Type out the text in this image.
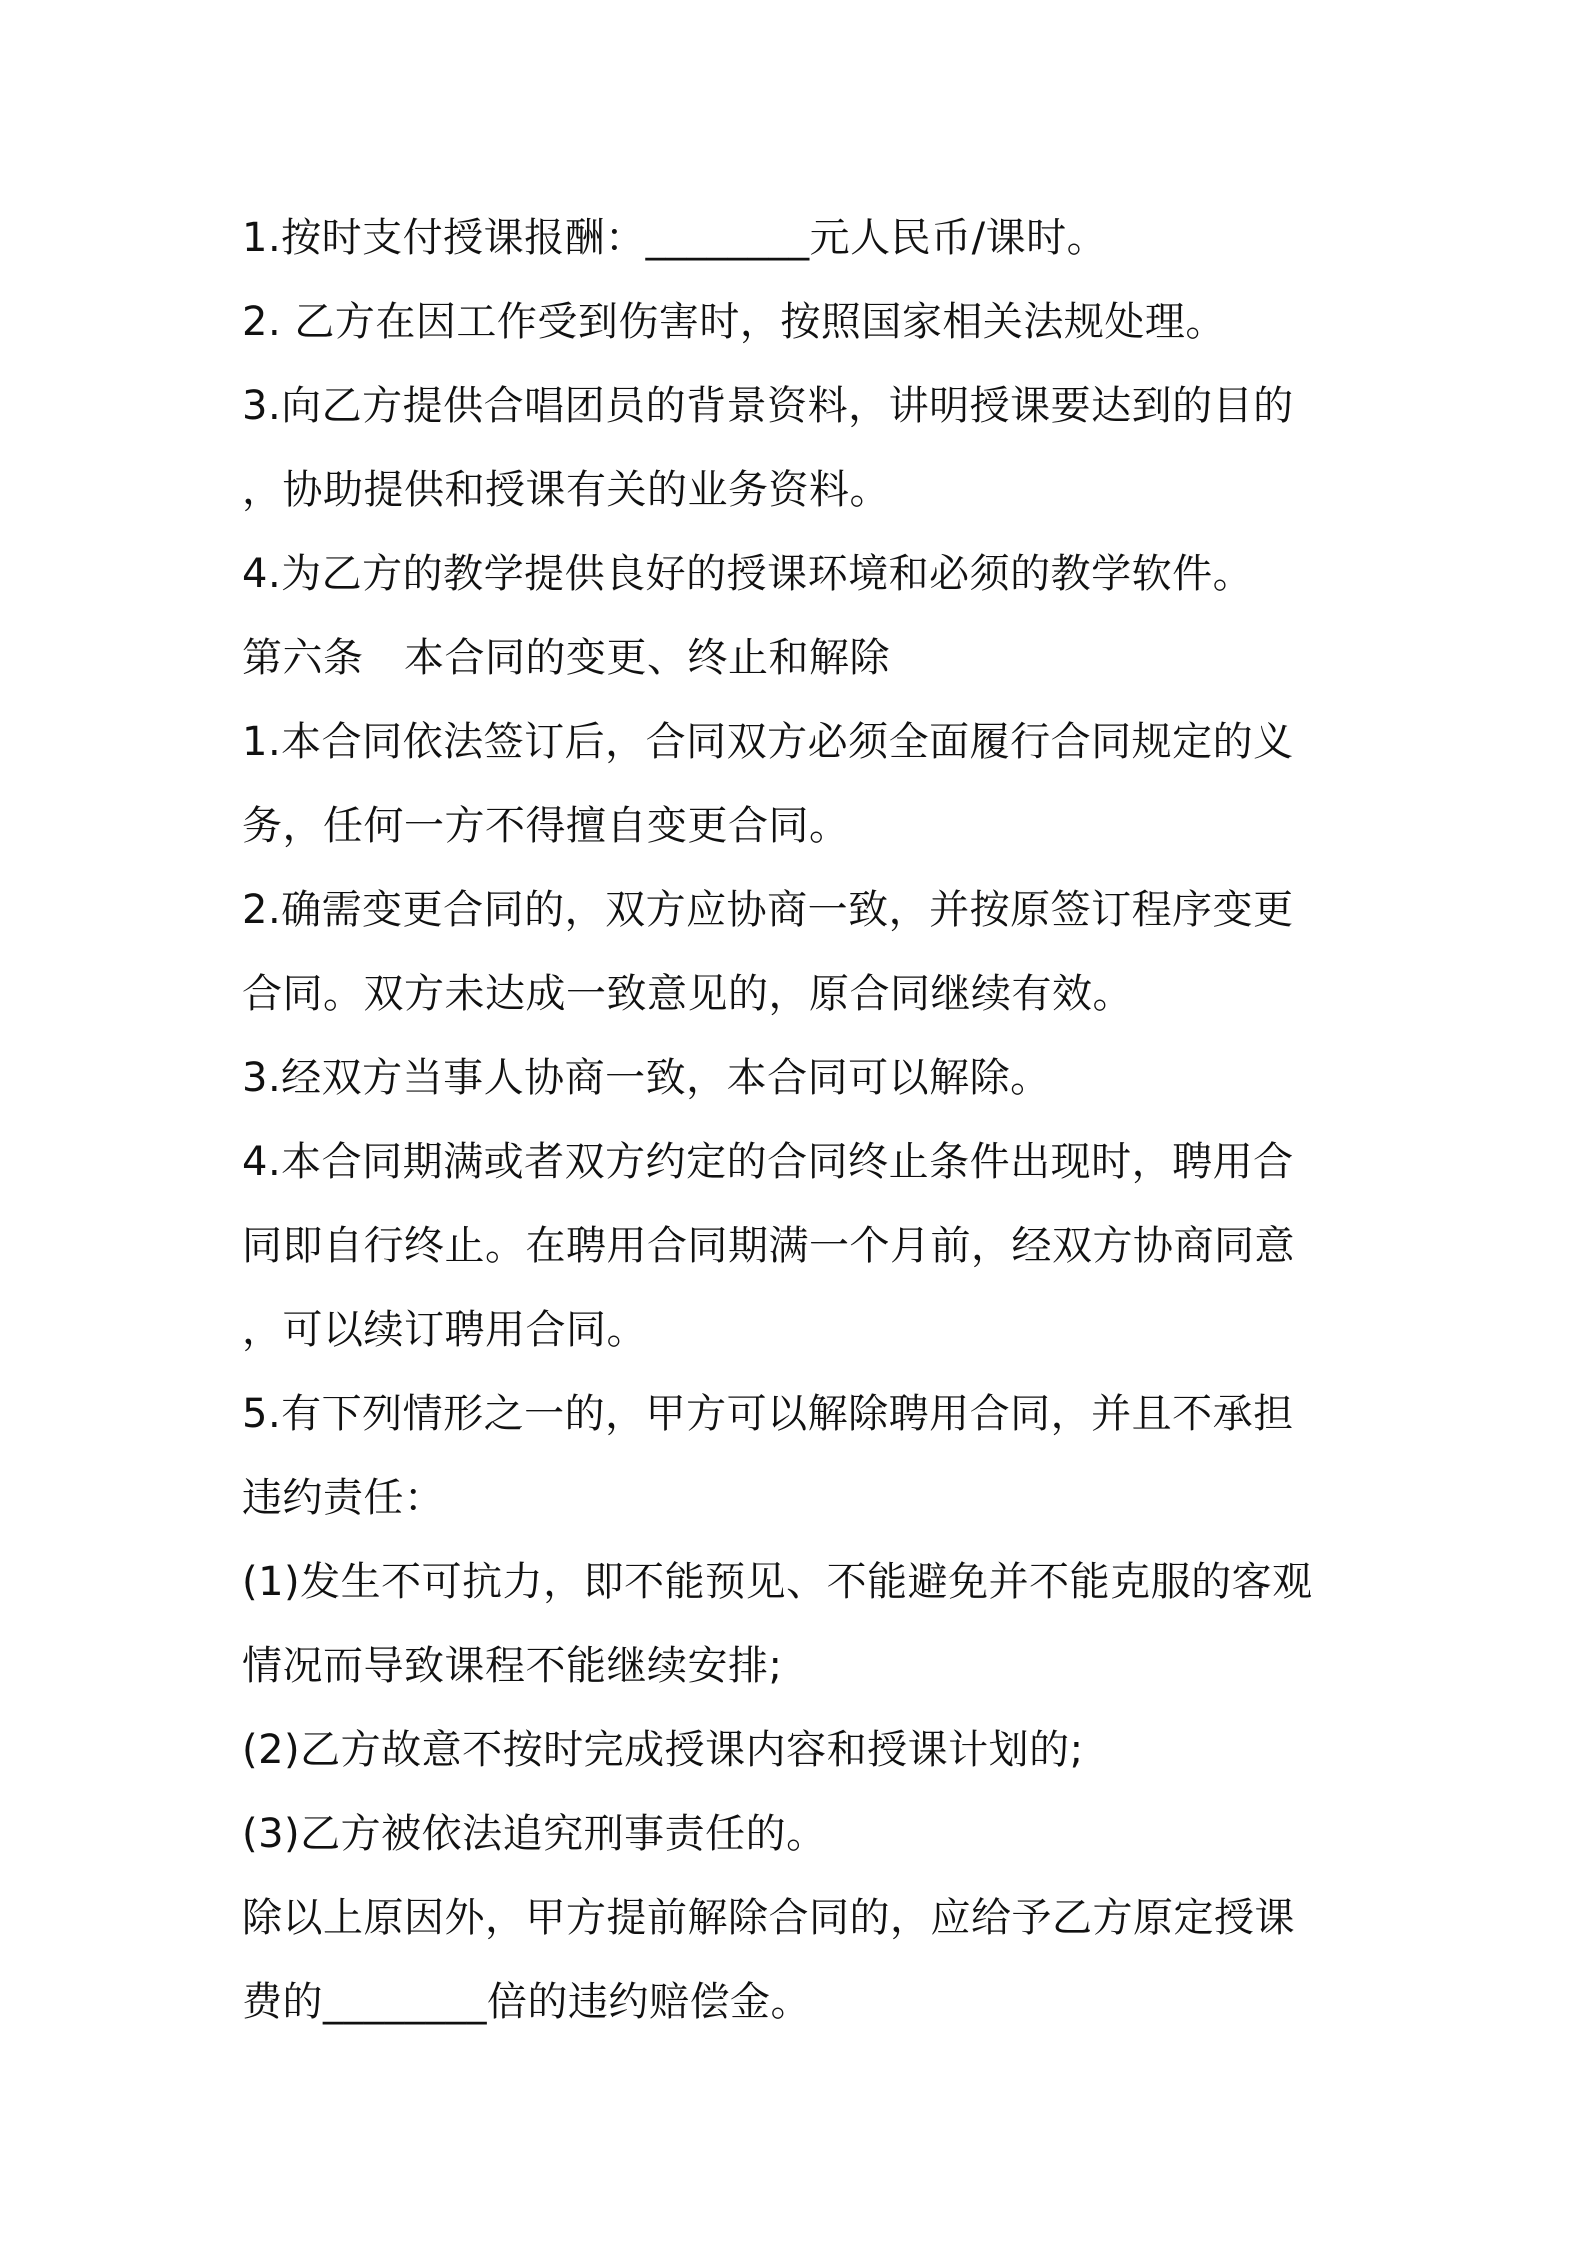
1.按时支付授课报酬：________元人民币/课时。
2. 乙方在因工作受到伤害时，按照国家相关法规处理。
3.向乙方提供合唱团员的背景资料，讲明授课要达到的目的
，协助提供和授课有关的业务资料。
4.为乙方的教学提供良好的授课环境和必须的教学软件。
第六条　本合同的变更、终止和解除
1.本合同依法签订后，合同双方必须全面履行合同规定的义
务，任何一方不得擅自变更合同。
2.确需变更合同的，双方应协商一致，并按原签订程序变更
合同。双方未达成一致意见的，原合同继续有效。
3.经双方当事人协商一致，本合同可以解除。
4.本合同期满或者双方约定的合同终止条件出现时，聘用合
同即自行终止。在聘用合同期满一个月前，经双方协商同意
，可以续订聘用合同。
5.有下列情形之一的，甲方可以解除聘用合同，并且不承担
违约责任：
(1)发生不可抗力，即不能预见、不能避免并不能克服的客观
情况而导致课程不能继续安排;
(2)乙方故意不按时完成授课内容和授课计划的;
(3)乙方被依法追究刑事责任的。
除以上原因外，甲方提前解除合同的，应给予乙方原定授课
费的________倍的违约赔偿金。
